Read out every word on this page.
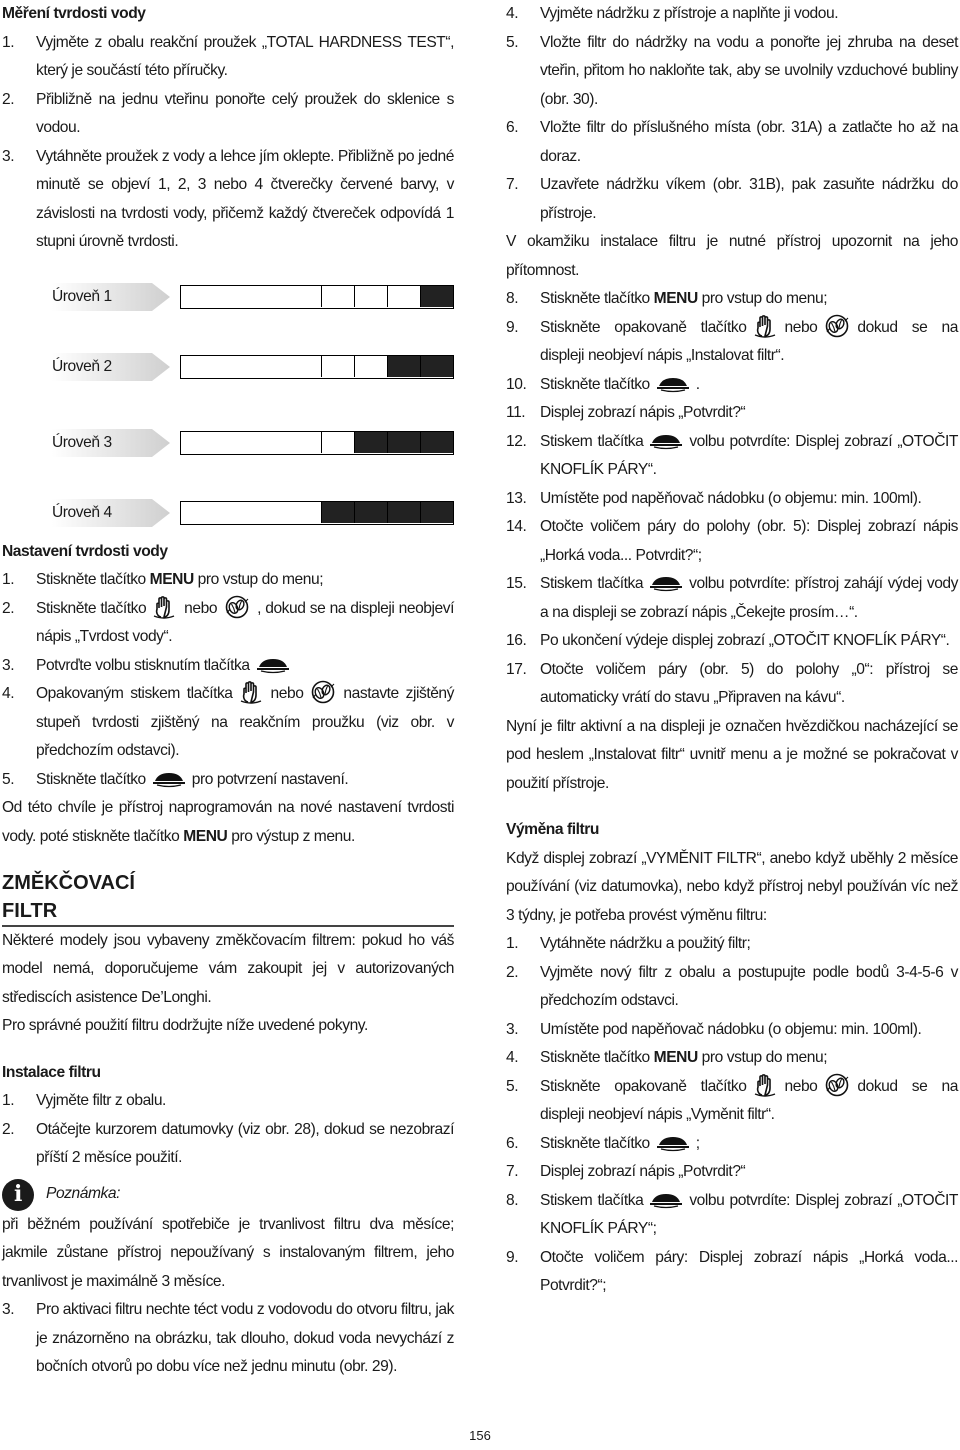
Měření tvrdosti vody
1. Vyjměte z obalu reakční proužek „TOTAL HARDNESS TEST“, který je součástí této příručky.
2. Přibližně na jednu vteřinu ponořte celý proužek do sklenice s vodou.
3. Vytáhněte proužek z vody a lehce jím oklepte. Přibližně po jedné minutě se objeví 1, 2, 3 nebo 4 čtverečky červené barvy, v závislosti na tvrdosti vody, přičemž každý čtvereček odpovídá 1 stupni úrovně tvrdosti.
Úroveň 1
Úroveň 2
Úroveň 3
Úroveň 4
Nastavení tvrdosti vody
1. Stiskněte tlačítko MENU pro vstup do menu;
2. Stiskněte tlačítko nebo	, dokud se na displeji neobjeví nápis „Tvrdost vody“.
3. Potvrďte volbu stisknutím tlačítka
4. Opakovaným stiskem tlačítka nebo	nastavte zjištěný stupeň tvrdosti zjištěný na reakčním proužku (viz obr. v předchozím odstavci).
5. Stiskněte tlačítko	pro potvrzení nastavení.

Od této chvíle je přístroj naprogramován na nové nastavení tvrdosti vody. poté stiskněte tlačítko MENU pro výstup z menu.

ZMĚKČOVACÍ FILTR

Některé modely jsou vybaveny změkčovacím filtrem: pokud ho váš model nemá, doporučujeme vám zakoupit jej v autorizovaných střediscích asistence De’Longhi.

Pro správné použití filtru dodržujte níže uvedené pokyny.

Instalace filtru
1. Vyjměte filtr z obalu.
2. Otáčejte kurzorem datumovky (viz obr. 28), dokud se nezobrazí příští 2 měsíce použití.
i	Poznámka:

při běžném používání spotřebiče je trvanlivost filtru dva měsíce; jakmile zůstane přístroj nepoužívaný s instalovaným filtrem, jeho trvanlivost je maximálně 3 měsíce.

3. Pro aktivaci filtru nechte téct vodu z vodovodu do otvoru filtru, jak je znázorněno na obrázku, tak dlouho, dokud voda nevychází z bočních otvorů po dobu více než jednu minutu (obr. 29).
4. Vyjměte nádržku z přístroje a naplňte ji vodou.
5. Vložte filtr do nádržky na vodu a ponořte jej zhruba na deset vteřin, přitom ho nakloňte tak, aby se uvolnily vzduchové bubliny (obr. 30).
6. Vložte filtr do příslušného místa (obr. 31A) a zatlačte ho až na doraz.
7. Uzavřete nádržku víkem (obr. 31B), pak zasuňte nádržku do přístroje.

V okamžiku instalace filtru je nutné přístroj upozornit na jeho přítomnost.

8. Stiskněte tlačítko MENU pro vstup do menu;
9. Stiskněte opakovaně tlačítko nebo	dokud se na displeji neobjeví nápis „Instalovat filtr“.
10. Stiskněte tlačítko	.
11. Displej zobrazí nápis „Potvrdit?“
12. Stiskem tlačítka	volbu potvrdíte: Displej zobrazí „OTOČIT KNOFLÍK PÁRY“.
13. Umístěte pod napěňovač nádobku (o objemu: min. 100ml).
14. Otočte voličem páry do polohy (obr. 5): Displej zobrazí nápis „Horká voda... Potvrdit?“;
15. Stiskem tlačítka	volbu potvrdíte: přístroj zahájí výdej vody a na displeji se zobrazí nápis „Čekejte prosím…“.
16. Po ukončení výdeje displej zobrazí „OTOČIT KNOFLÍK PÁRY“.
17. Otočte voličem páry (obr. 5) do polohy „0“: přístroj se automaticky vrátí do stavu „Připraven na kávu“.

Nyní je filtr aktivní a na displeji je označen hvězdičkou nacházející se pod heslem „Instalovat filtr“ uvnitř menu a je možné se pokračovat v použití přístroje.

Výměna filtru

Když displej zobrazí „VYMĚNIT FILTR“, anebo když uběhly 2 měsíce používání (viz datumovka), nebo když přístroj nebyl používán víc než 3 týdny, je potřeba provést výměnu filtru:

1. Vytáhněte nádržku a použitý filtr;
2. Vyjměte nový filtr z obalu a postupujte podle bodů 3-4-5-6 v předchozím odstavci.
3. Umístěte pod napěňovač nádobku (o objemu: min. 100ml).
4. Stiskněte tlačítko MENU pro vstup do menu;
5. Stiskněte opakovaně tlačítko nebo	dokud se na displeji neobjeví nápis „Vyměnit filtr“.
6. Stiskněte tlačítko	;
7. Displej zobrazí nápis „Potvrdit?“
8. Stiskem tlačítka	volbu potvrdíte: Displej zobrazí „OTOČIT KNOFLÍK PÁRY“;
9. Otočte voličem páry: Displej zobrazí nápis „Horká voda... Potvrdit?“;
156
